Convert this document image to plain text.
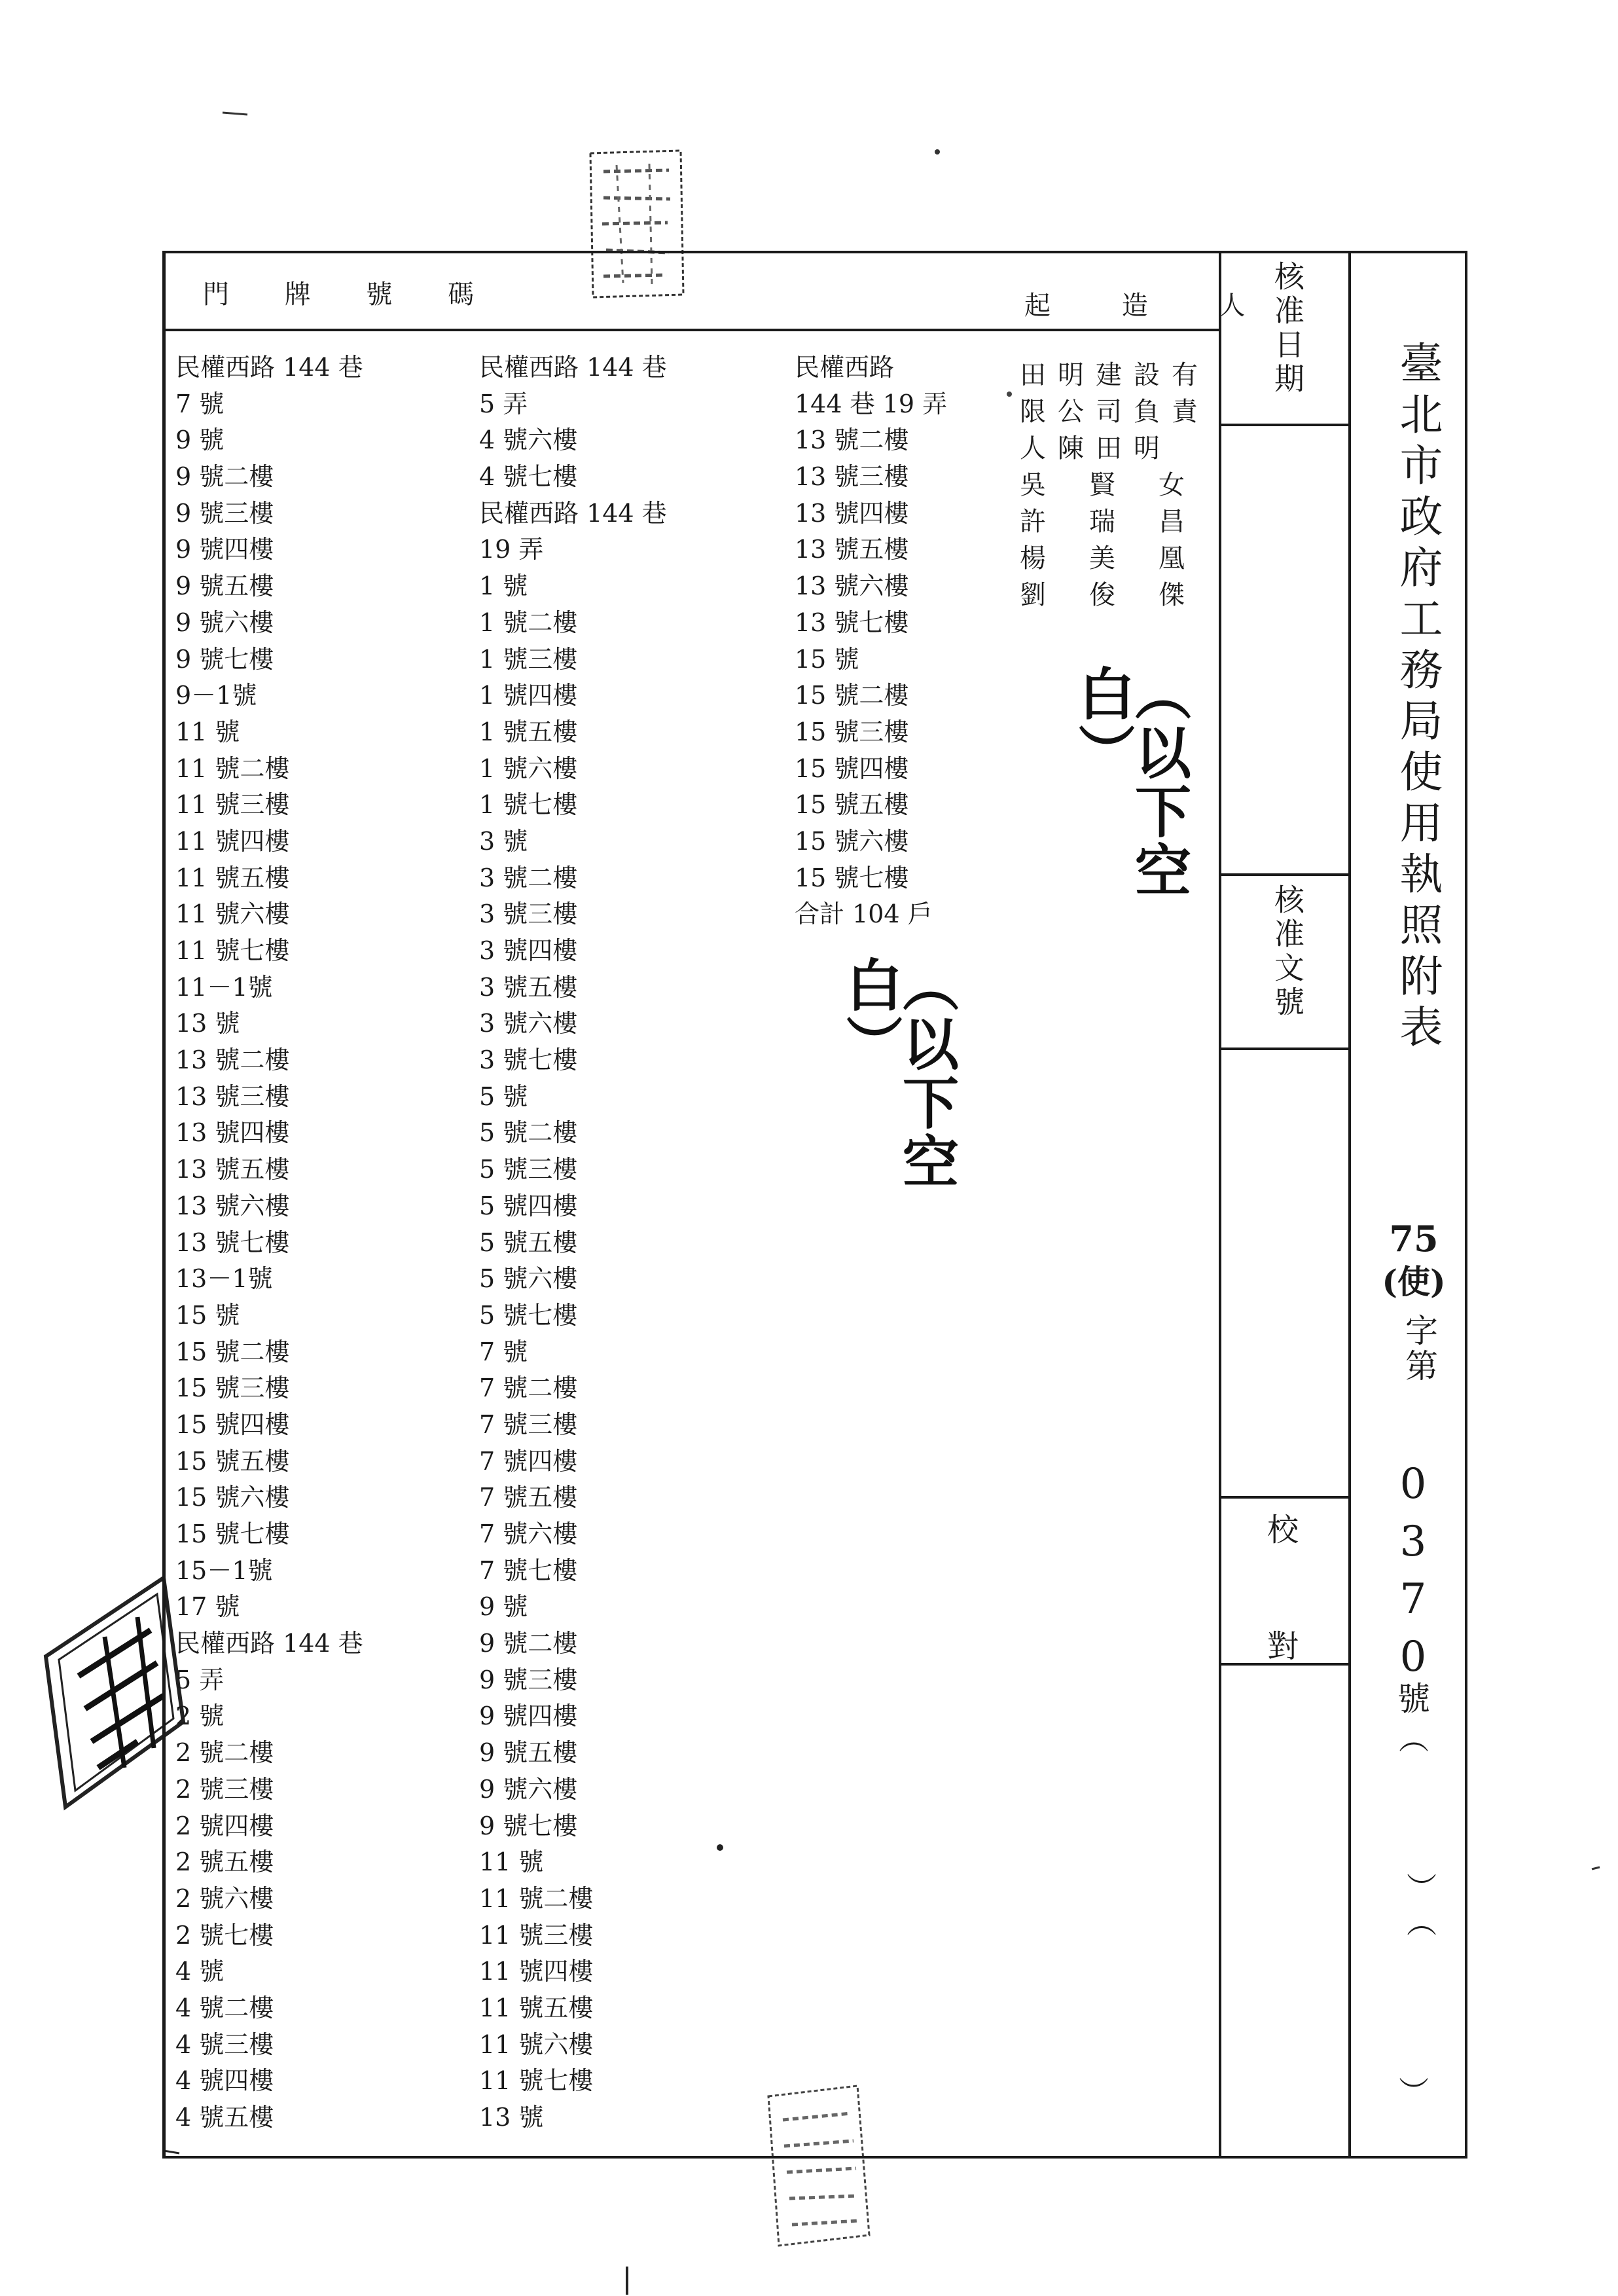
門 牌 號 碼	起 造 人
民權西路 144 巷
7 號
9 號
9 號二樓
9 號三樓
9 號四樓
9 號五樓
9 號六樓
9 號七樓
9－1號
11 號
11 號二樓
11 號三樓
11 號四樓
11 號五樓
11 號六樓
11 號七樓
11－1號
13 號
13 號二樓
13 號三樓
13 號四樓
13 號五樓
13 號六樓
13 號七樓
13－1號
15 號
15 號二樓
15 號三樓
15 號四樓
15 號五樓
15 號六樓
15 號七樓
15－1號
17 號
民權西路 144 巷
5 弄
2 號
2 號二樓
2 號三樓
2 號四樓
2 號五樓
2 號六樓
2 號七樓
4 號
4 號二樓
4 號三樓
4 號四樓
4 號五樓
民權西路 144 巷
5 弄
4 號六樓
4 號七樓
民權西路 144 巷
19 弄
1 號
1 號二樓
1 號三樓
1 號四樓
1 號五樓
1 號六樓
1 號七樓
3 號
3 號二樓
3 號三樓
3 號四樓
3 號五樓
3 號六樓
3 號七樓
5 號
5 號二樓
5 號三樓
5 號四樓
5 號五樓
5 號六樓
5 號七樓
7 號
7 號二樓
7 號三樓
7 號四樓
7 號五樓
7 號六樓
7 號七樓
9 號
9 號二樓
9 號三樓
9 號四樓
9 號五樓
9 號六樓
9 號七樓
11 號
11 號二樓
11 號三樓
11 號四樓
11 號五樓
11 號六樓
11 號七樓
13 號
民權西路
144 巷 19 弄
13 號二樓
13 號三樓
13 號四樓
13 號五樓
13 號六樓
13 號七樓
15 號
15 號二樓
15 號三樓
15 號四樓
15 號五樓
15 號六樓
15 號七樓
合計 104 戶
田明建設有
限公司負責
人陳田明
吳賢女
許瑞昌
楊美凰
劉俊傑
︵以下空白︶
︵以下空白︶
核准日期
核准文號
校
對
臺北市政府工務局使用執照附表
75
(使)
字第
0370
號
︵
︶︵
︶
